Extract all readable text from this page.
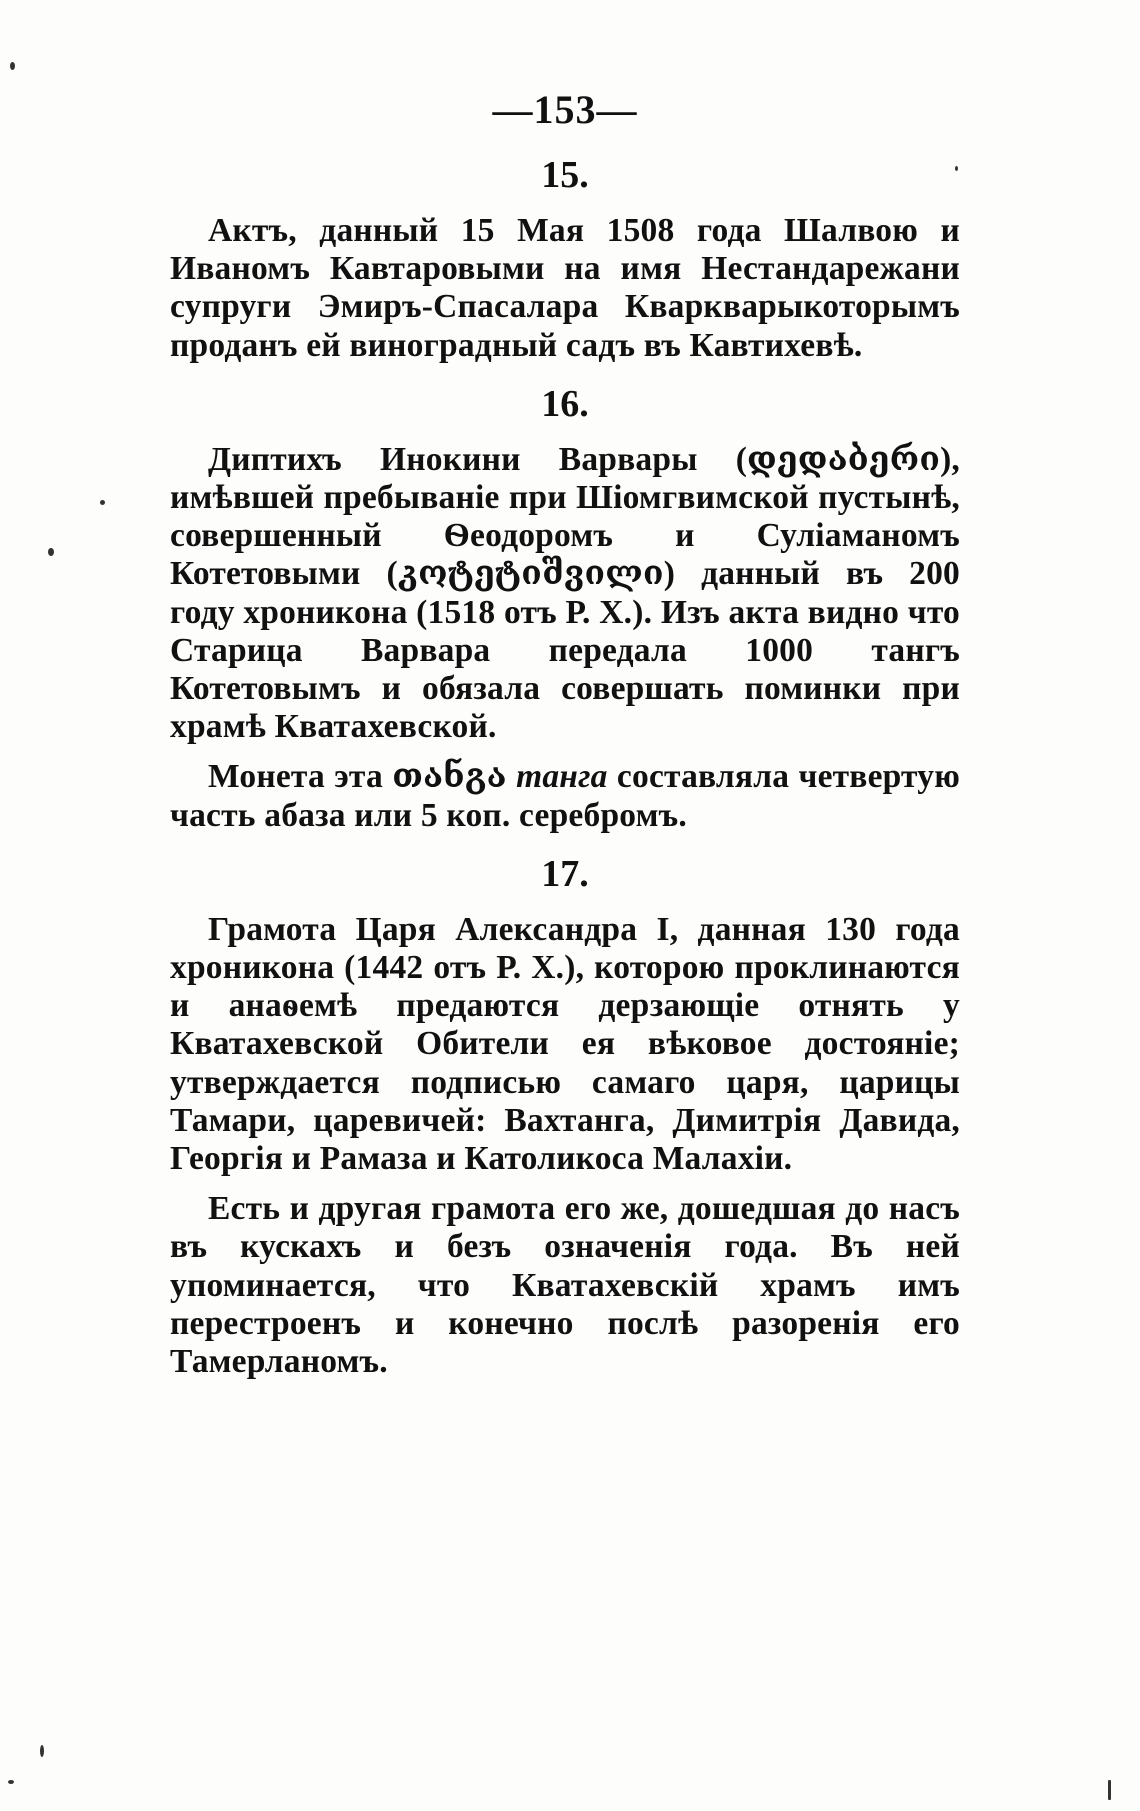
—153—
15.

Актъ, данный 15 Мая 1508 года Шалвою и Иваномъ Кавтаровыми на имя Нестандарежани супруги Эмиръ-Спасалара Кваркварыкоторымъ проданъ ей виноградный садъ въ Кавтихевѣ.

16.

Диптихъ Инокини Варвары (დედაბერი), имѣвшей пребываніе при Шіомгвимской пустынѣ, совершенный Ѳеодоромъ и Суліаманомъ Котетовыми (კოტეტიშვილი) данный въ 200 году хроникона (1518 отъ Р. Х.). Изъ акта видно что Старица Варвара передала 1000 тангъ Котетовымъ и обязала совершать поминки при храмѣ Кватахевской.

Монета эта თანგა танга составляла четвертую часть абаза или 5 коп. серебромъ.

17.

Грамота Царя Александра I, данная 130 года хроникона (1442 отъ Р. Х.), которою проклинаются и анаѳемѣ предаются дерзающіе отнять у Кватахевской Обители ея вѣковое достояніе; утверждается подписью самаго царя, царицы Тамари, царевичей: Вахтанга, Димитрія Давида, Георгія и Рамаза и Католикоса Малахіи.

Есть и другая грамота его же, дошедшая до насъ въ кускахъ и безъ означенія года. Въ ней упоминается, что Кватахевскій храмъ имъ перестроенъ и конечно послѣ разоренія его Тамерланомъ.
